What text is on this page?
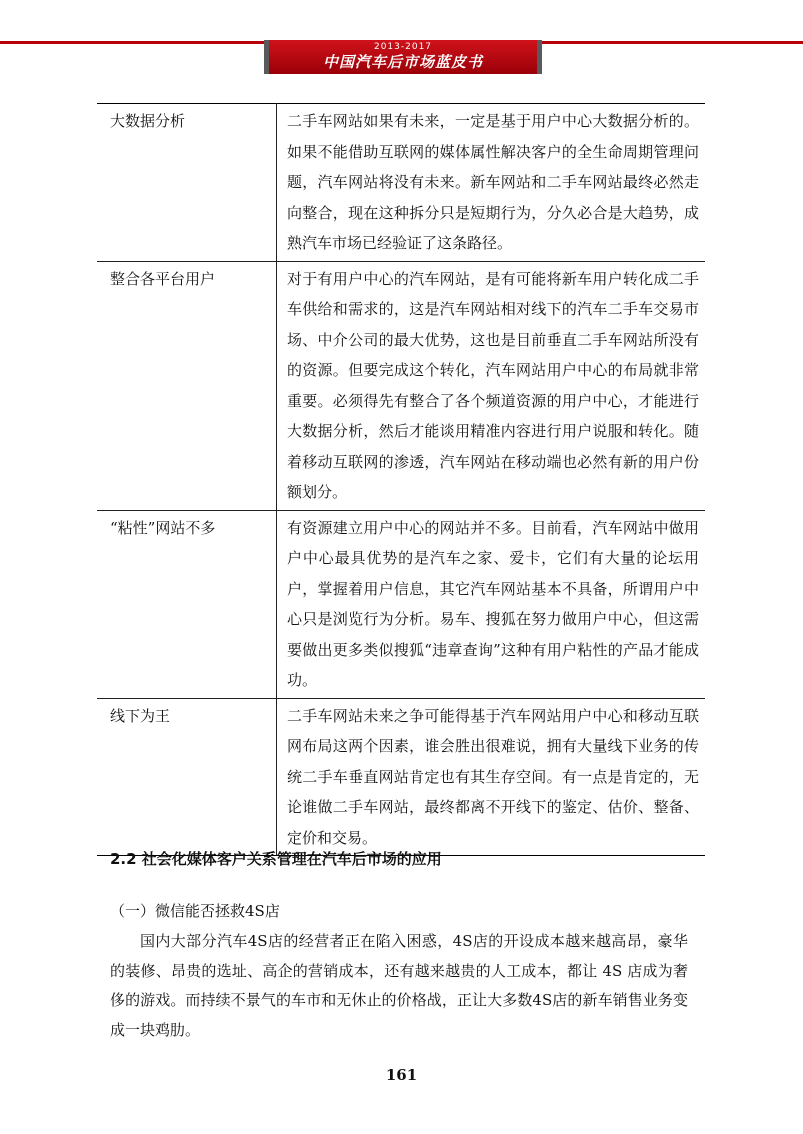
2013-2017
中国汽车后市场蓝皮书
大数据分析	二手车网站如果有未来，一定是基于用户中心大数据分析的。如果不能借助互联网的媒体属性解决客户的全生命周期管理问题，汽车网站将没有未来。新车网站和二手车网站最终必然走向整合，现在这种拆分只是短期行为，分久必合是大趋势，成熟汽车市场已经验证了这条路径。
整合各平台用户	对于有用户中心的汽车网站，是有可能将新车用户转化成二手车供给和需求的，这是汽车网站相对线下的汽车二手车交易市场、中介公司的最大优势，这也是目前垂直二手车网站所没有的资源。但要完成这个转化，汽车网站用户中心的布局就非常重要。必须得先有整合了各个频道资源的用户中心，才能进行大数据分析，然后才能谈用精准内容进行用户说服和转化。随着移动互联网的渗透，汽车网站在移动端也必然有新的用户份额划分。
“粘性”网站不多	有资源建立用户中心的网站并不多。目前看，汽车网站中做用户中心最具优势的是汽车之家、爱卡，它们有大量的论坛用户，掌握着用户信息，其它汽车网站基本不具备，所谓用户中心只是浏览行为分析。易车、搜狐在努力做用户中心，但这需要做出更多类似搜狐“违章查询”这种有用户粘性的产品才能成功。
线下为王	二手车网站未来之争可能得基于汽车网站用户中心和移动互联网布局这两个因素，谁会胜出很难说，拥有大量线下业务的传统二手车垂直网站肯定也有其生存空间。有一点是肯定的，无论谁做二手车网站，最终都离不开线下的鉴定、估价、整备、定价和交易。
2.2 社会化媒体客户关系管理在汽车后市场的应用
（一）微信能否拯救4S店
国内大部分汽车4S店的经营者正在陷入困惑，4S店的开设成本越来越高昂，豪华的装修、昂贵的选址、高企的营销成本，还有越来越贵的人工成本，都让 4S 店成为奢侈的游戏。而持续不景气的车市和无休止的价格战，正让大多数4S店的新车销售业务变成一块鸡肋。
161
